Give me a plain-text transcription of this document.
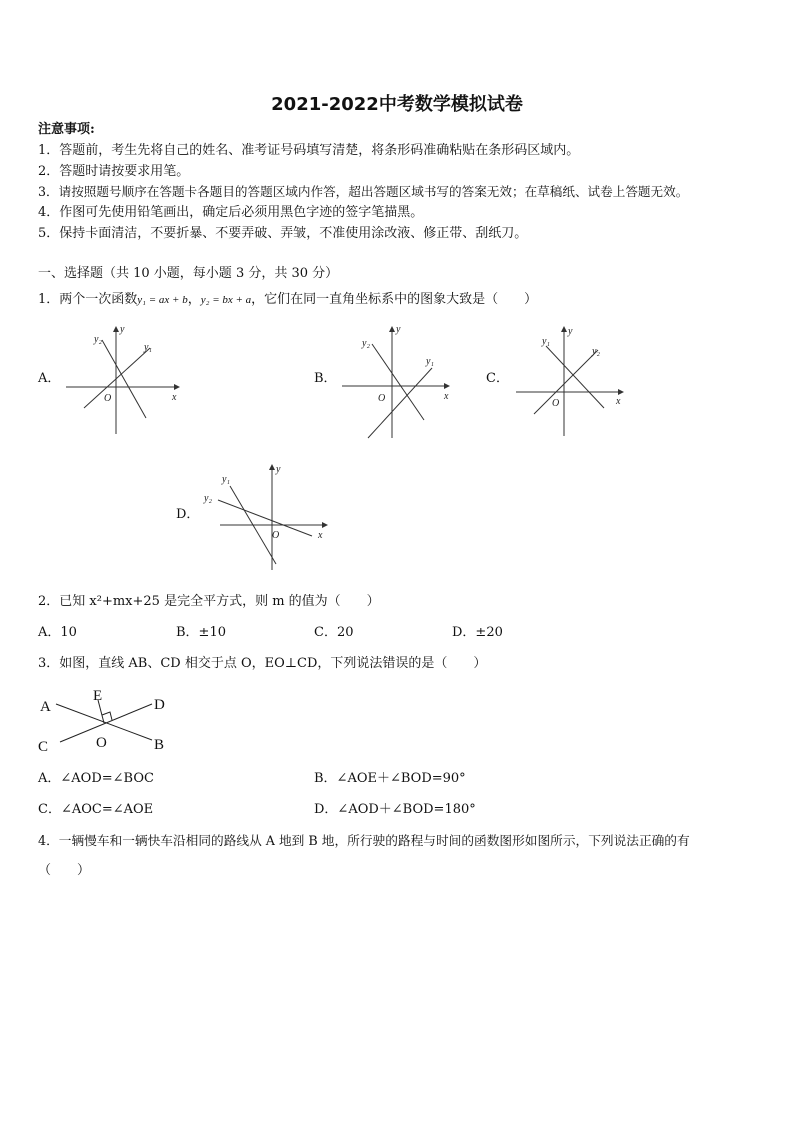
2021-2022中考数学模拟试卷
注意事项:
1．答题前，考生先将自己的姓名、准考证号码填写清楚，将条形码准确粘贴在条形码区域内。
2．答题时请按要求用笔。
3．请按照题号顺序在答题卡各题目的答题区域内作答，超出答题区域书写的答案无效；在草稿纸、试卷上答题无效。
4．作图可先使用铅笔画出，确定后必须用黑色字迹的签字笔描黑。
5．保持卡面清洁，不要折暴、不要弄破、弄皱，不准使用涂改液、修正带、刮纸刀。
一、选择题（共 10 小题，每小题 3 分，共 30 分）
1．两个一次函数y₁ = ax + b，y₂ = bx + a，它们在同一直角坐标系中的图象大致是（　　）
A．
x
y
O
y₂
y₁
B．
x
y
O
y₂
y₁
C．
x
y
O
y₁
y₂
D．
x
y
O
y₁
y₂
2．已知 x²+mx+25 是完全平方式，则 m 的值为（　　）
A．10	B．±10	C．20	D．±20
3．如图，直线 AB、CD 相交于点 O，EO⊥CD，下列说法错误的是（　　）
A	D
E
C	O	B
A．∠AOD=∠BOC	B．∠AOE＋∠BOD=90°
C．∠AOC=∠AOE	D．∠AOD＋∠BOD=180°
4．一辆慢车和一辆快车沿相同的路线从 A 地到 B 地，所行驶的路程与时间的函数图形如图所示，下列说法正确的有
（　　）
